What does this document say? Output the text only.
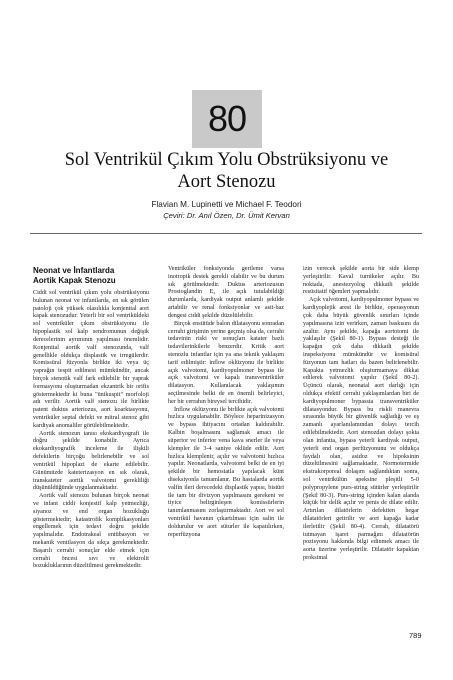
80
Sol Ventrikül Çıkım Yolu Obstrüksiyonu ve
Aort Stenozu
Flavian M. Lupinetti ve Michael F. Teodori
Çeviri: Dr. Anıl Özen, Dr. Ümit Kervan
Neonat ve İnfantlarda
Aortik Kapak Stenozu

Ciddi sol ventrikül çıkım yolu obstrüksiyonu bulunan neonat ve infantlarda, en sık görülen patoloji çok yüksek olasılıkla konjenital aort kapak stenozudur. Yeterli bir sol ventriküldeki sol ventriküler çıkım obstrüksiyonu ile hipoplastik sol kalp sendromunun değişik derecelerinin ayrımının yapılması önemlidir. Konjenital aortik valf stenozunda, valf genellikle oldukça displastik ve irregülerdir. Komissüral füzyonla birlikte iki veya üç yaprağın tespit edilmesi mümkündür, ancak birçok stenotik valf fark edilebilir bir yaprak formasyonu oluşturmadan ekzantrik bir orifis göstermektedir ki buna "ünikuspit" morfoloji adı verilir. Aortik valf stenozu ile birlikte patent duktus arteriozus, aort koarktasyonu, ventriküler septal defekt ve mitral stenoz gibi kardiyak anomaliler görülebilmektedir.

Aortik stenozun tanısı ekokardiyografi ile doğru şekilde konabilir. Ayrıca ekokardiyografik inceleme ile ilişkili defektlerin birçoğu belirlenebilir ve sol ventrikül hipoplazi de ekarte edilebilir. Günümüzde kateterizasyon en sık olarak, transkateter aortik valvotomi gerekliliği düşünüldüğünde uygulanmaktadır.

Aortik valf stenozu bulunan birçok neonat ve infant ciddi konjestif kalp yetmezliği, siyanoz ve end organ bozukluğu göstermektedir; katastrofik komplikasyonları engellemek için tedavi doğru şekilde yapılmalıdır. Endotrakeal entübasyon ve mekanik ventilasyon da sıkça gerekmektedir. Başarılı cerrahi sonuçlar elde etmek için cerrahi öncesi sıvı ve elektrolit bozukluklarının düzeltilmesi gerekmektedir.

Ventriküler fonksiyonda gerileme varsa inotropik destek gerekli olabilir ve bu durum sık görülmektedir. Duktus arteriozusun Prostoglandin E₂ ile açık tutulabildiği durumlarda, kardiyak output anlamlı şekilde artabilir ve renal fonksiyonlar ve asit-baz dengesi ciddi şekilde düzeltilebilir.

Birçok enstitüde balon dilatasyonu sonradan cerrahi girişimin yerine geçmiş olsa da, cerrahi tedavinin riski ve sonuçları katater bazlı tedavilerinkilerle benzerdir. Kritik aort stenozlu infantlar için ya ana teknik yaklaşım tarif edilmiştir: inflow oklüzyonu ile birlikte açık valvotomi, kardiyopulmoner bypass ile açık valvotomi ve kapalı transventriküler dilatasyon. Kullanılacak yaklaşımın seçilmesinde belki de en önemli belirleyici, her bir cerrahın bireysel tercihidir.

İnflow oklüzyonu ile birlikte açık valvotomi hızlıca uygulanabilir. Böylece heparinizasyon ve bypass ihtiyacını ortadan kaldırabilir. Kalbin boşalmasını sağlamak amacı ile süperior ve inferior vena kava snerler ile veya klempler ile 3-4 saniye oklüde edilir. Aort hızlıca klemplenir, açılır ve valvotomi hızlıca yapılır. Neonatlarda, valvotomi belki de en iyi şekilde bir hemostatla yapılacak künt diseksiyonla tamamlanır. Bu hastalarda aortik valfin ileri derecedeki displastik yapısı, bistüri ile tam bir divizyon yapılmasını gerekeni ve tiyice belirginleşen komissürlerin tanımlanmasını zorlaştırmaktadır. Aort ve sol ventrikül havanın çıkartılması için salin ile doldurulur ve aort süturler ile kapatılırken, reperfüzyona

izin verecek şekilde aorta bir side klemp yerleştirilir. Kaval turnikeler açılır. Bu noktada, anestezyolog dikkatli şekilde resüsitatif öğemleri yapmalıdır.

Açık valvotomi, kardiyopulmoner bypass ve kardiyoplejik arest ile birlikte, operasyonun çok daha büyük güvenlik sınırları içinde yapılmasına izin verirken, zaman baskısını da azaltır. Aynı şekilde, kapağa aortotomi ile yaklaşılır (Şekil 80-1). Bypass desteği ile kapağın çok daha dikkatli şekilde inspeksiyonu mümkündür ve komisüral füzyonun tam hatları da bazen belirlenebilir. Kapakta yetmezlik oluşturmamaya dikkat edilerek valvotomi yapılır (Şekil 80-2). Üçüncü olarak, neonatal aort darlığı için oldukça efektif cerrahi yaklaşımlardan biri de kardiyopulmoner bypassta transventriküler dilatasyondur. Bypass bu riskli manevra sırasında büyük bir güvenlik sağladığı ve eş zamanlı ayarlanılamından dolayı tercih edilebilmektedir. Aort stenozdan dolayı şokta olan infantta, bypass yeterli kardiyak output, yeterli end organ perfüzyonunu ve oldukça faydalı olan, asidoz ve hipoksinin düzeltilmesini sağlamaktadır. Normotermide ekstrakorporeal dolaşım sağlandıktan sonra, sol ventrikülün apeksine pleşitli 5-0 polypropylene purs-string sütürler yerleştirilir (Şekil 80-3). Purs-string içinden kalan alanda küçük bir delik açılır ve penis de dilate edilir. Artırılan dilatörlerin defektten hegar dilatatörleri getirilir ve aort kapağa kadar ilerletilir (Şekil 80-4). Cerrah, dilatatörü tutmayan işaret parmağını dilatatörün pozisyonu hakkında bilgi edinmek amacı ile aorta üzerine yerleştirilir. Dilatatör kapaktan proksimal

789
